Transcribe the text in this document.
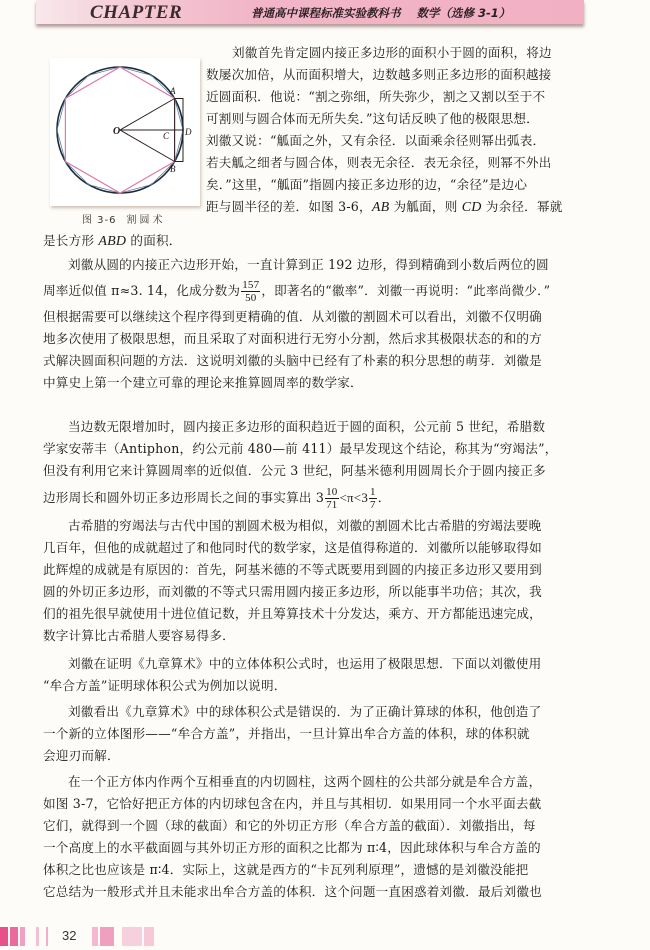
CHAPTER	普通高中课程标准实验教科书 数学（选修 3-1）
O
A
B
C D
图 3-6 割圆术
刘徽首先肯定圆内接正多边形的面积小于圆的面积，将边
数屡次加倍，从而面积增大，边数越多则正多边形的面积越接
近圆面积．他说：“割之弥细，所失弥少，割之又割以至于不
可割则与圆合体而无所失矣．”这句话反映了他的极限思想．
刘徽又说：“觚面之外，又有余径．以面乘余径则幂出弧表．
若夫觚之细者与圆合体，则表无余径．表无余径，则幂不外出
矣．”这里，“觚面”指圆内接正多边形的边，“余径”是边心
距与圆半径的差．如图 3-6，AB 为觚面，则 CD 为余径．幂就
是长方形 ABD 的面积．
刘徽从圆的内接正六边形开始，一直计算到正 192 边形，得到精确到小数后两位的圆
周率近似值 π≈3. 14，化成分数为 $\frac{157}{50}$ ，即著名的“徽率”．刘徽一再说明：“此率尚微少．”
但根据需要可以继续这个程序得到更精确的值．从刘徽的割圆术可以看出，刘徽不仅明确
地多次使用了极限思想，而且采取了对面积进行无穷小分割，然后求其极限状态的和的方
式解决圆面积问题的方法．这说明刘徽的头脑中已经有了朴素的积分思想的萌芽．刘徽是
中算史上第一个建立可靠的理论来推算圆周率的数学家．
当边数无限增加时，圆内接正多边形的面积趋近于圆的面积，公元前 5 世纪，希腊数
学家安蒂丰（Antiphon，约公元前 480—前 411）最早发现这个结论，称其为“穷竭法”，
但没有利用它来计算圆周率的近似值．公元 3 世纪，阿基米德利用圆周长介于圆内接正多
边形周长和圆外切正多边形周长之间的事实算出 $3 \frac{10}{71} <\pi<3 \frac{1}{7}$ ．
古希腊的穷竭法与古代中国的割圆术极为相似，刘徽的割圆术比古希腊的穷竭法要晚
几百年，但他的成就超过了和他同时代的数学家，这是值得称道的．刘徽所以能够取得如
此辉煌的成就是有原因的：首先，阿基米德的不等式既要用到圆的内接正多边形又要用到
圆的外切正多边形，而刘徽的不等式只需用圆内接正多边形，所以能事半功倍；其次，我
们的祖先很早就使用十进位值记数，并且筹算技术十分发达，乘方、开方都能迅速完成，
数字计算比古希腊人要容易得多．
刘徽在证明《九章算术》中的立体体积公式时，也运用了极限思想．下面以刘徽使用
“牟合方盖”证明球体积公式为例加以说明．
刘徽看出《九章算术》中的球体积公式是错误的．为了正确计算球的体积，他创造了
一个新的立体图形——“牟合方盖”，并指出，一旦计算出牟合方盖的体积，球的体积就
会迎刃而解．
在一个正方体内作两个互相垂直的内切圆柱，这两个圆柱的公共部分就是牟合方盖，
如图 3-7，它恰好把正方体的内切球包含在内，并且与其相切．如果用同一个水平面去截
它们，就得到一个圆（球的截面）和它的外切正方形（牟合方盖的截面）．刘徽指出，每
一个高度上的水平截面圆与其外切正方形的面积之比都为 π∶4，因此球体积与牟合方盖的
体积之比也应该是 π∶4．实际上，这就是西方的“卡瓦列利原理”，遗憾的是刘徽没能把
它总结为一般形式并且未能求出牟合方盖的体积．这个问题一直困惑着刘徽．最后刘徽也
32
